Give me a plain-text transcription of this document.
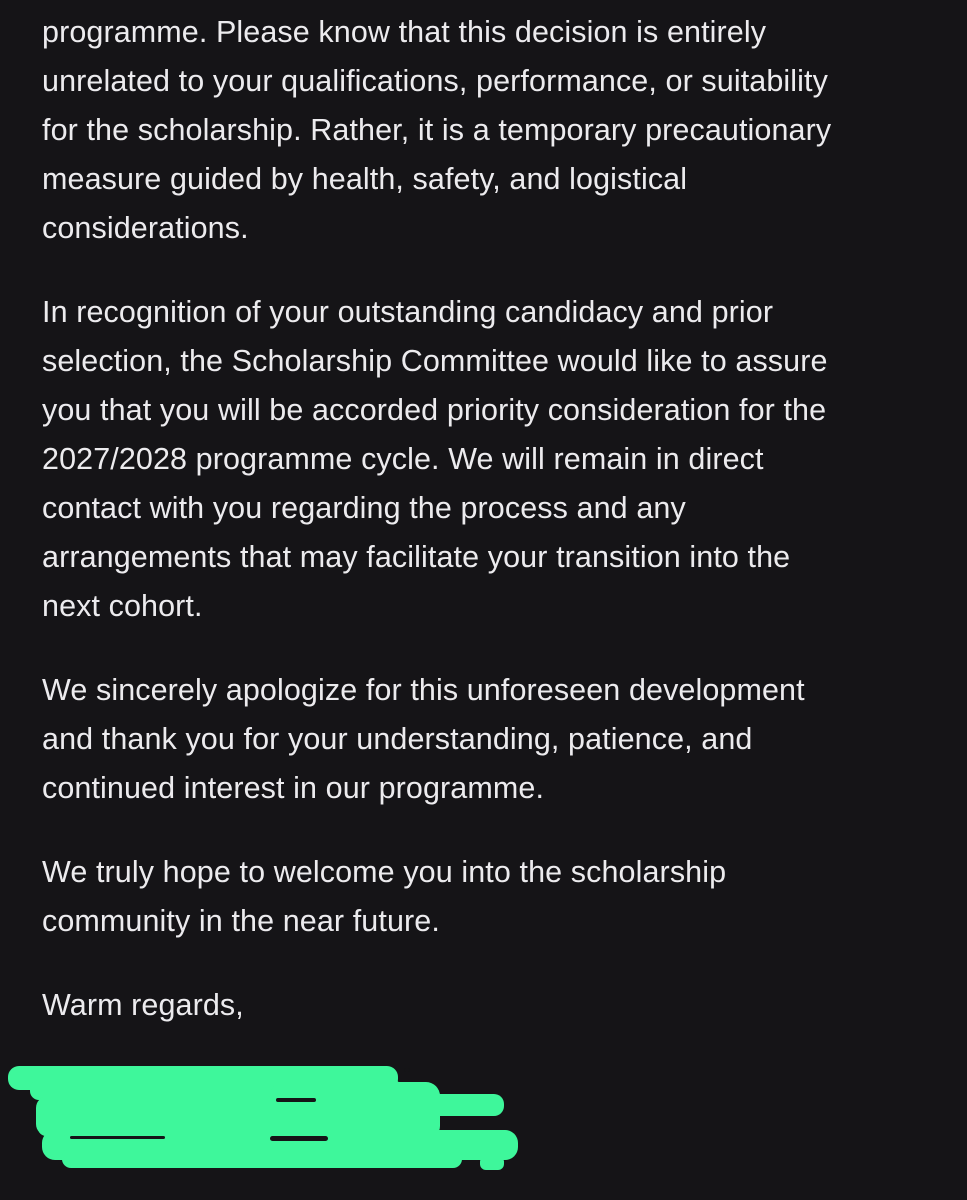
programme. Please know that this decision is entirely
unrelated to your qualifications, performance, or suitability
for the scholarship. Rather, it is a temporary precautionary
measure guided by health, safety, and logistical
considerations.
In recognition of your outstanding candidacy and prior
selection, the Scholarship Committee would like to assure
you that you will be accorded priority consideration for the
2027/2028 programme cycle. We will remain in direct
contact with you regarding the process and any
arrangements that may facilitate your transition into the
next cohort.
We sincerely apologize for this unforeseen development
and thank you for your understanding, patience, and
continued interest in our programme.
We truly hope to welcome you into the scholarship
community in the near future.
Warm regards,
